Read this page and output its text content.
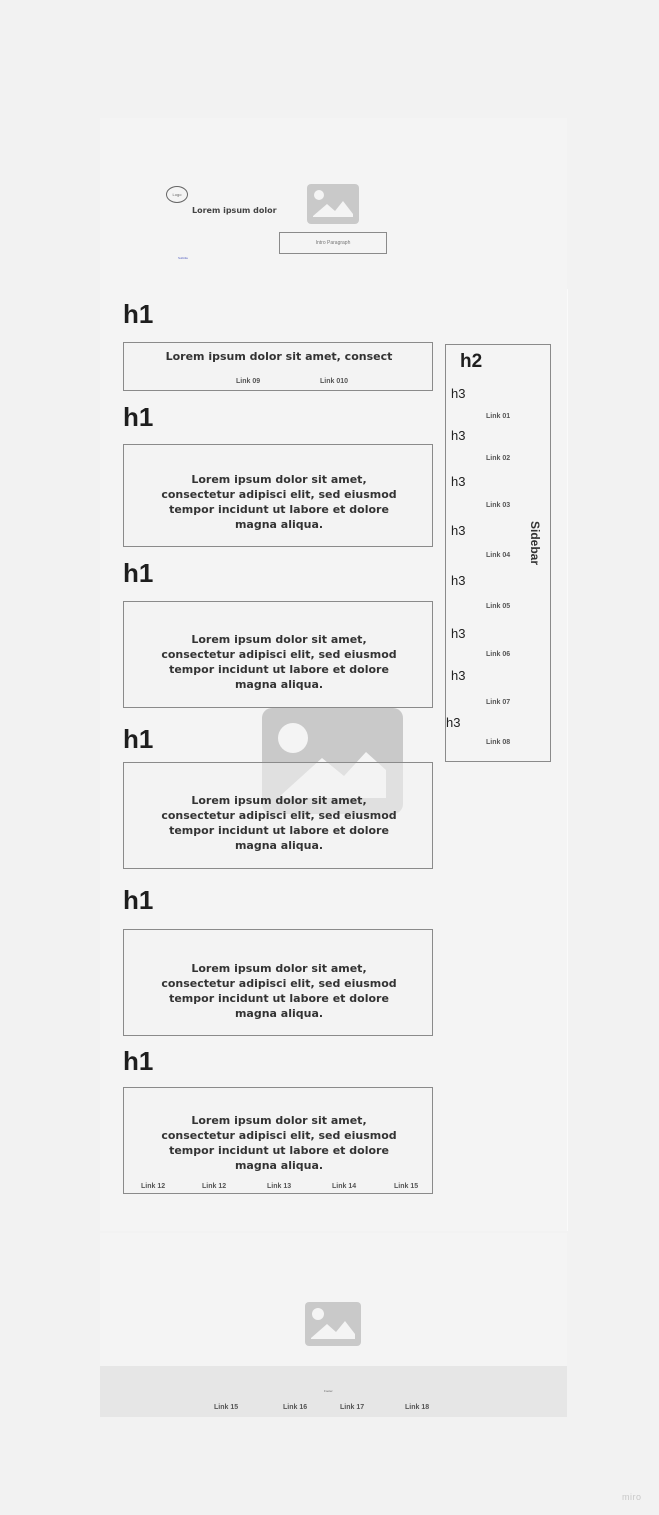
Logo
Lorem ipsum dolor
Subtitle
Intro Paragraph
h1
Lorem ipsum dolor sit amet, consect
Link 09	Link 010
h1
Lorem ipsum dolor sit amet, consectetur adipisci elit, sed eiusmod tempor incidunt ut labore et dolore magna aliqua.
h1
Lorem ipsum dolor sit amet, consectetur adipisci elit, sed eiusmod tempor incidunt ut labore et dolore magna aliqua.
h1
Lorem ipsum dolor sit amet, consectetur adipisci elit, sed eiusmod tempor incidunt ut labore et dolore magna aliqua.
h1
Lorem ipsum dolor sit amet, consectetur adipisci elit, sed eiusmod tempor incidunt ut labore et dolore magna aliqua.
h1
Lorem ipsum dolor sit amet, consectetur adipisci elit, sed eiusmod tempor incidunt ut labore et dolore magna aliqua.
Link 12	Link 12	Link 13	Link 14	Link 15
h2
Sidebar
h3
Link 01
h3
Link 02
h3
Link 03
h3
Link 04
h3
Link 05
h3
Link 06
h3
Link 07
h3
Link 08
Footer
Link 15	Link 16	Link 17	Link 18
miro
